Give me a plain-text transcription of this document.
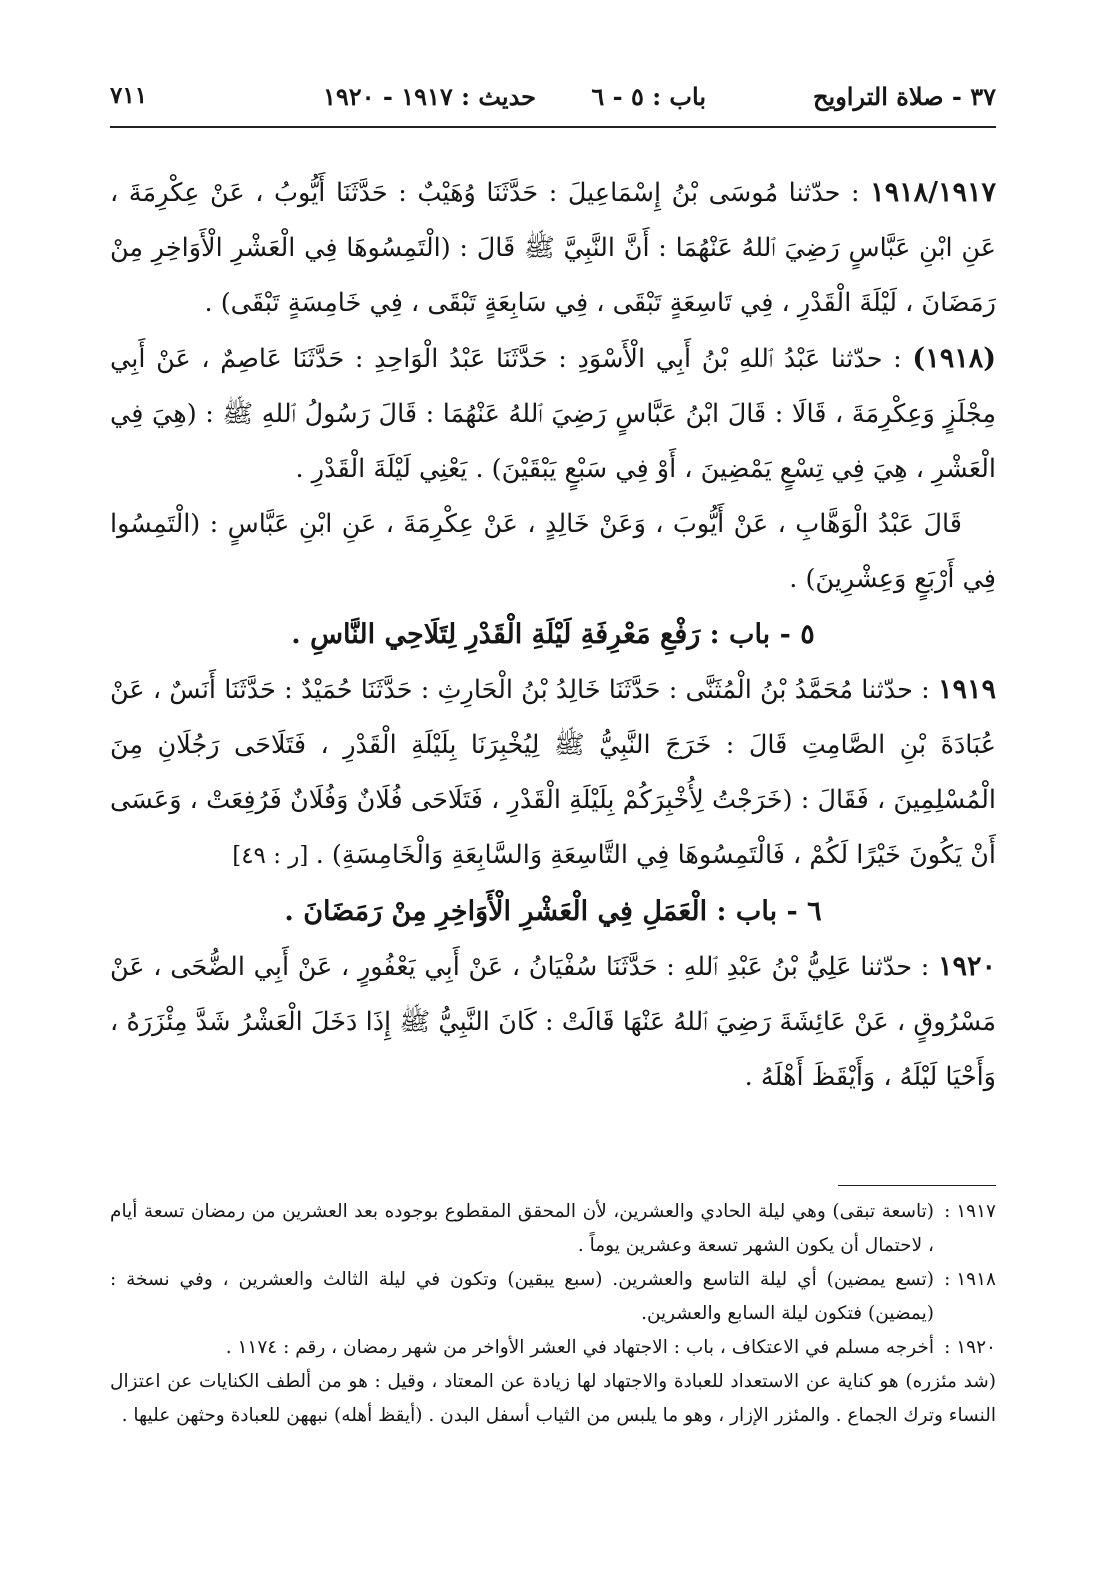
٣٧ - صلاة التراويح
باب : ٥ - ٦
حديث : ١٩١٧ - ١٩٢٠
٧١١

١٩١٨/١٩١٧ : حدّثنا مُوسَى بْنُ إِسْمَاعِيلَ : حَدَّثَنَا وُهَيْبٌ : حَدَّثَنَا أَيُّوبُ ، عَنْ عِكْرِمَةَ ، عَنِ ابْنِ عَبَّاسٍ رَضِيَ ٱللهُ عَنْهُمَا : أَنَّ النَّبِيَّ ﷺ قَالَ : (الْتَمِسُوهَا فِي الْعَشْرِ الْأَوَاخِرِ مِنْ رَمَضَانَ ، لَيْلَةَ الْقَدْرِ ، فِي تَاسِعَةٍ تَبْقَى ، فِي سَابِعَةٍ تَبْقَى ، فِي خَامِسَةٍ تَبْقَى) .

(١٩١٨) : حدّثنا عَبْدُ ٱللهِ بْنُ أَبِي الْأَسْوَدِ : حَدَّثَنَا عَبْدُ الْوَاحِدِ : حَدَّثَنَا عَاصِمٌ ، عَنْ أَبِي مِجْلَزٍ وَعِكْرِمَةَ ، قَالَا : قَالَ ابْنُ عَبَّاسٍ رَضِيَ ٱللهُ عَنْهُمَا : قَالَ رَسُولُ ٱللهِ ﷺ : (هِيَ فِي الْعَشْرِ ، هِيَ فِي تِسْعٍ يَمْضِينَ ، أَوْ فِي سَبْعٍ يَبْقَيْنَ) . يَعْنِي لَيْلَةَ الْقَدْرِ .

قَالَ عَبْدُ الْوَهَّابِ ، عَنْ أَيُّوبَ ، وَعَنْ خَالِدٍ ، عَنْ عِكْرِمَةَ ، عَنِ ابْنِ عَبَّاسٍ : (الْتَمِسُوا فِي أَرْبَعٍ وَعِشْرِينَ) .

٥ - باب : رَفْعِ مَعْرِفَةِ لَيْلَةِ الْقَدْرِ لِتَلَاحِي النَّاسِ .

١٩١٩ : حدّثنا مُحَمَّدُ بْنُ الْمُثَنَّى : حَدَّثَنَا خَالِدُ بْنُ الْحَارِثِ : حَدَّثَنَا حُمَيْدٌ : حَدَّثَنَا أَنَسٌ ، عَنْ عُبَادَةَ بْنِ الصَّامِتِ قَالَ : خَرَجَ النَّبِيُّ ﷺ لِيُخْبِرَنَا بِلَيْلَةِ الْقَدْرِ ، فَتَلَاحَى رَجُلَانِ مِنَ الْمُسْلِمِينَ ، فَقَالَ : (خَرَجْتُ لِأُخْبِرَكُمْ بِلَيْلَةِ الْقَدْرِ ، فَتَلَاحَى فُلَانٌ وَفُلَانٌ فَرُفِعَتْ ، وَعَسَى أَنْ يَكُونَ خَيْرًا لَكُمْ ، فَالْتَمِسُوهَا فِي التَّاسِعَةِ وَالسَّابِعَةِ وَالْخَامِسَةِ) . [ر : ٤٩]

٦ - باب : الْعَمَلِ فِي الْعَشْرِ الْأَوَاخِرِ مِنْ رَمَضَانَ .

١٩٢٠ : حدّثنا عَلِيُّ بْنُ عَبْدِ ٱللهِ : حَدَّثَنَا سُفْيَانُ ، عَنْ أَبِي يَعْفُورٍ ، عَنْ أَبِي الضُّحَى ، عَنْ مَسْرُوقٍ ، عَنْ عَائِشَةَ رَضِيَ ٱللهُ عَنْهَا قَالَتْ : كَانَ النَّبِيُّ ﷺ إِذَا دَخَلَ الْعَشْرُ شَدَّ مِئْزَرَهُ ، وَأَحْيَا لَيْلَهُ ، وَأَيْقَظَ أَهْلَهُ .

١٩١٧ :
(تاسعة تبقى) وهي ليلة الحادي والعشرين، لأن المحقق المقطوع بوجوده بعد العشرين من رمضان تسعة أيام ، لاحتمال أن يكون الشهر تسعة وعشرين يوماً .
١٩١٨ :
(تسع يمضين) أي ليلة التاسع والعشرين. (سبع يبقين) وتكون في ليلة الثالث والعشرين ، وفي نسخة : (يمضين) فتكون ليلة السابع والعشرين.
١٩٢٠ :
أخرجه مسلم في الاعتكاف ، باب : الاجتهاد في العشر الأواخر من شهر رمضان ، رقم : ١١٧٤ .

(شد مئزره) هو كناية عن الاستعداد للعبادة والاجتهاد لها زيادة عن المعتاد ، وقيل : هو من ألطف الكنايات عن اعتزال النساء وترك الجماع . والمئزر الإزار ، وهو ما يلبس من الثياب أسفل البدن . (أيقظ أهله) نبههن للعبادة وحثهن عليها .
